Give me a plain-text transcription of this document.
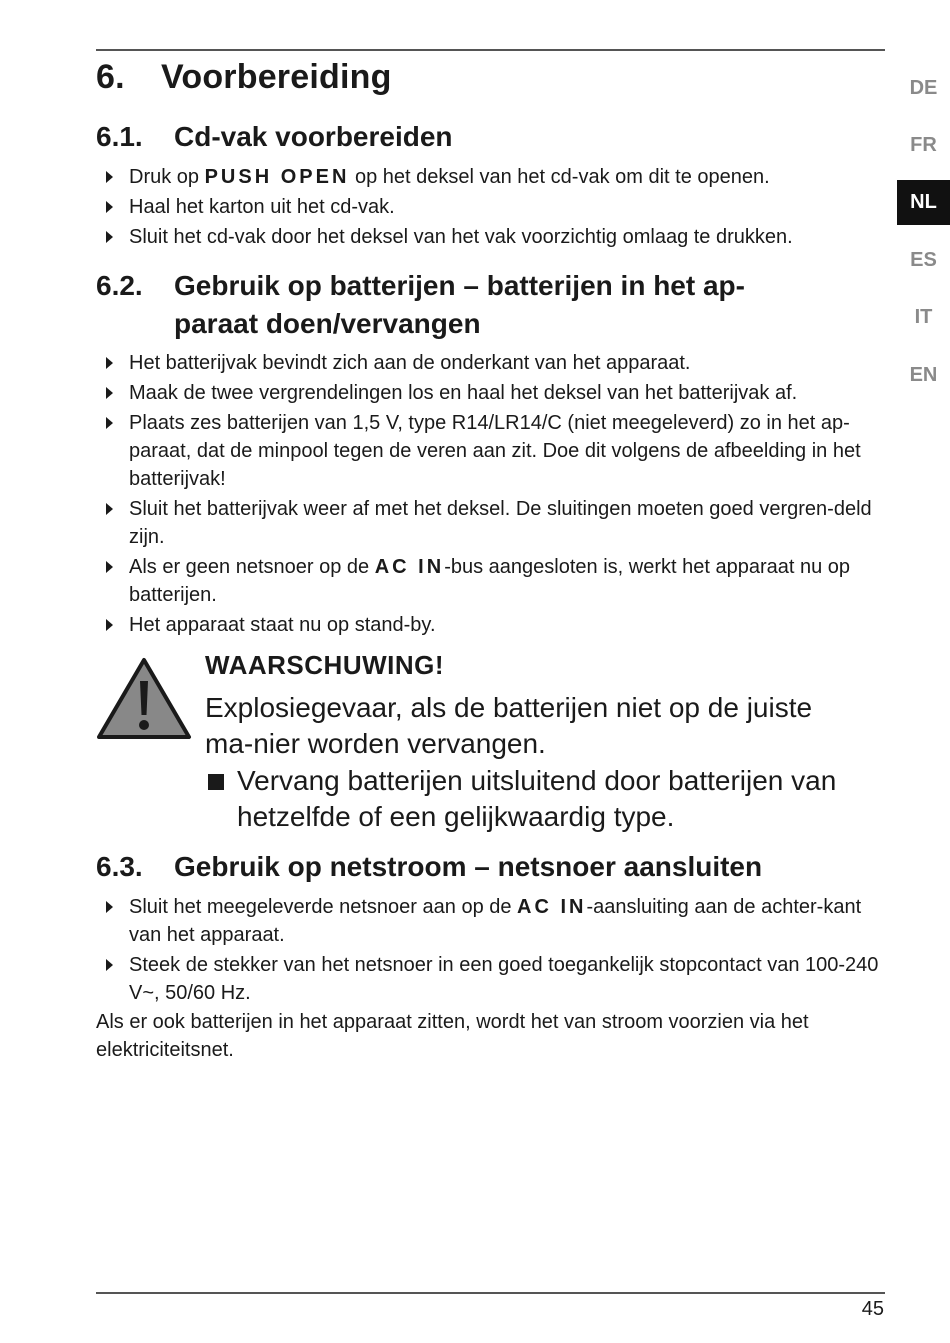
6. Voorbereiding
6.1. Cd-vak voorbereiden
Druk op PUSH OPEN op het deksel van het cd-vak om dit te openen.
Haal het karton uit het cd-vak.
Sluit het cd-vak door het deksel van het vak voorzichtig omlaag te drukken.
6.2. Gebruik op batterijen – batterijen in het ap-
paraat doen/vervangen
Het batterijvak bevindt zich aan de onderkant van het apparaat.
Maak de twee vergrendelingen los en haal het deksel van het batterijvak af.
Plaats zes batterijen van 1,5 V, type R14/LR14/C (niet meegeleverd) zo in het ap-paraat, dat de minpool tegen de veren aan zit. Doe dit volgens de afbeelding in het batterijvak!
Sluit het batterijvak weer af met het deksel. De sluitingen moeten goed vergren-deld zijn.
Als er geen netsnoer op de AC IN-bus aangesloten is, werkt het apparaat nu op batterijen.
Het apparaat staat nu op stand-by.

WAARSCHUWING!

Explosiegevaar, als de batterijen niet op de juiste ma-nier worden vervangen.

Vervang batterijen uitsluitend door batterijen van hetzelfde of een gelijkwaardig type.

6.3. Gebruik op netstroom – netsnoer aansluiten
Sluit het meegeleverde netsnoer aan op de AC IN-aansluiting aan de achter-kant van het apparaat.
Steek de stekker van het netsnoer in een goed toegankelijk stopcontact van 100-240 V~, 50/60 Hz.

Als er ook batterijen in het apparaat zitten, wordt het van stroom voorzien via het elektriciteitsnet.

DE
FR
NL
ES
IT
EN
45
